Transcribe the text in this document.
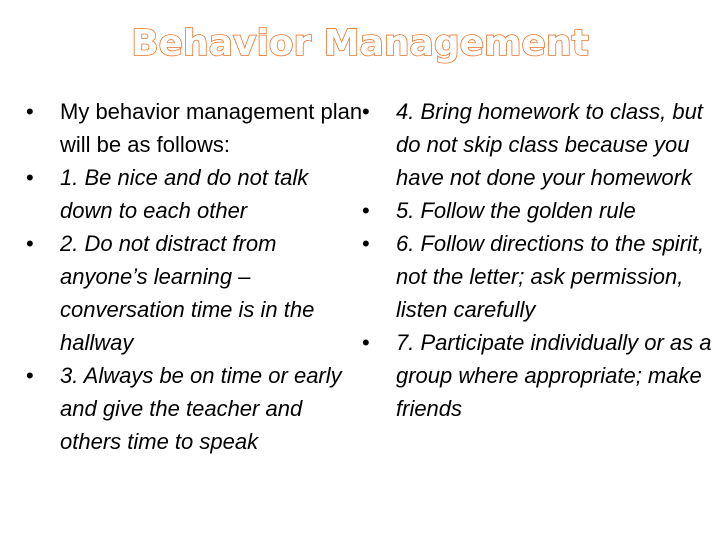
Behavior Management
•	My behavior management plan will be as follows:
•	1. Be nice and do not talk down to each other
•	2. Do not distract from anyone’s learning – conversation time is in the hallway
•	3. Always be on time or early and give the teacher and others time to speak
•	4. Bring homework to class, but do not skip class because you have not done your homework
•	5. Follow the golden rule
•	6. Follow directions to the spirit, not the letter; ask permission, listen carefully
•	7. Participate individually or as a group where appropriate; make friends
